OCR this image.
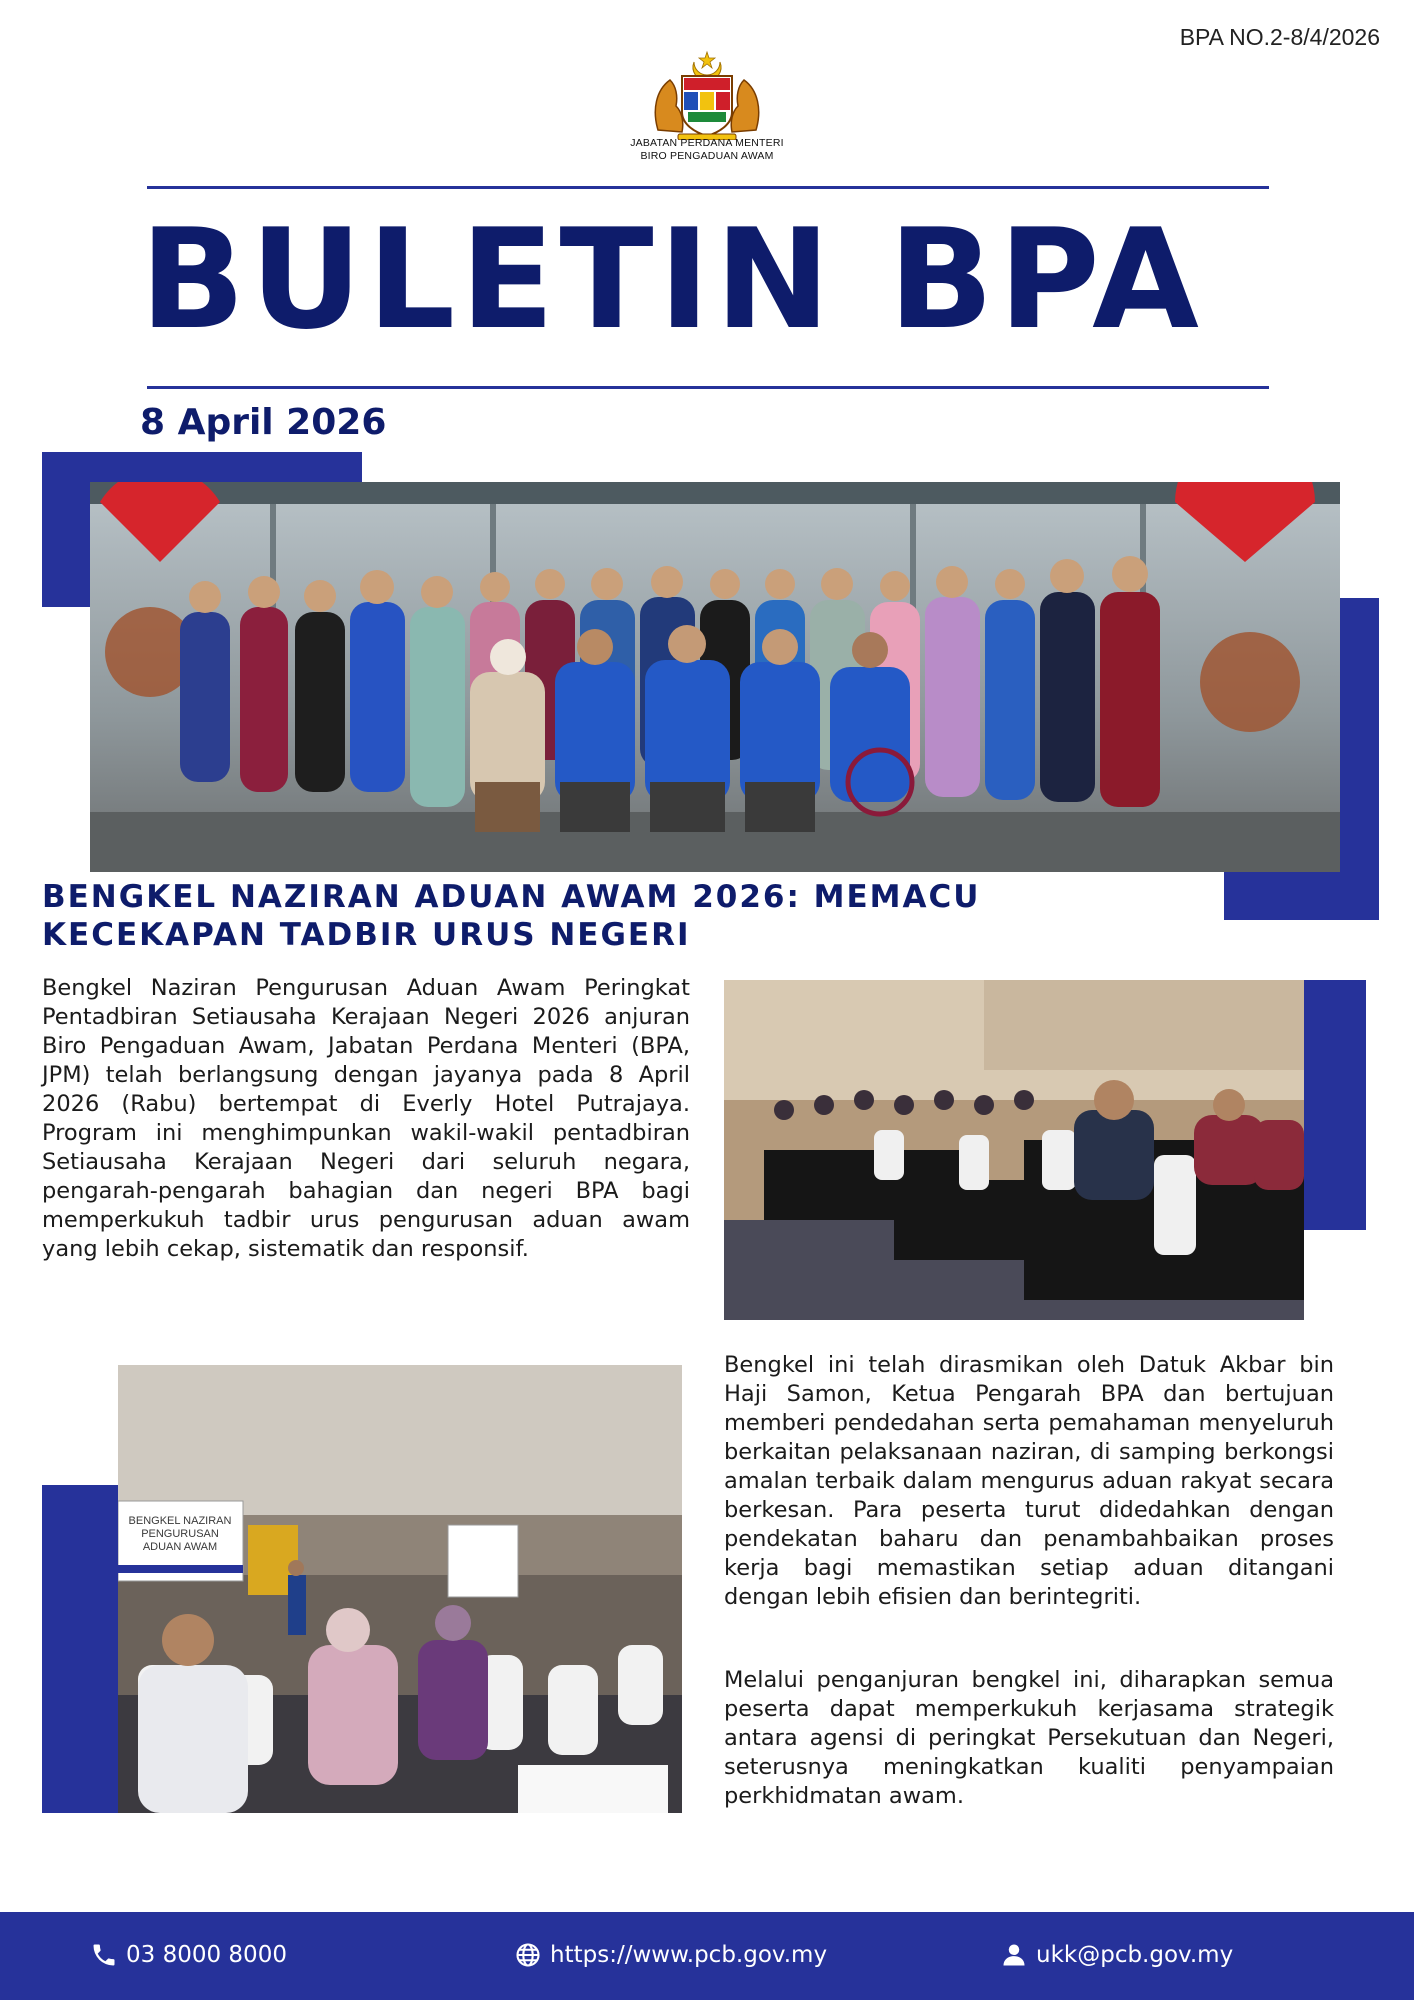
BPA NO.2-8/4/2026
JABATAN PERDANA MENTERI
BIRO PENGADUAN AWAM
BULETIN BPA
8 April 2026
BENGKEL NAZIRAN ADUAN AWAM 2026: MEMACU
KECEKAPAN TADBIR URUS NEGERI
Bengkel Naziran Pengurusan Aduan Awam Peringkat Pentadbiran Setiausaha Kerajaan Negeri 2026 anjuran Biro Pengaduan Awam, Jabatan Perdana Menteri (BPA, JPM) telah berlangsung dengan jayanya pada 8 April 2026 (Rabu) bertempat di Everly Hotel Putrajaya. Program ini menghimpunkan wakil-wakil pentadbiran Setiausaha Kerajaan Negeri dari seluruh negara, pengarah-pengarah bahagian dan negeri BPA bagi memperkukuh tadbir urus pengurusan aduan awam yang lebih cekap, sistematik dan responsif.
BENGKEL NAZIRAN
PENGURUSAN ADUAN AWAM
Bengkel ini telah dirasmikan oleh Datuk Akbar bin Haji Samon, Ketua Pengarah BPA dan bertujuan memberi pendedahan serta pemahaman menyeluruh berkaitan pelaksanaan naziran, di samping berkongsi amalan terbaik dalam mengurus aduan rakyat secara berkesan. Para peserta turut didedahkan dengan pendekatan baharu dan penambahbaikan proses kerja bagi memastikan setiap aduan ditangani dengan lebih efisien dan berintegriti.
Melalui penganjuran bengkel ini, diharapkan semua peserta dapat memperkukuh kerjasama strategik antara agensi di peringkat Persekutuan dan Negeri, seterusnya meningkatkan kualiti penyampaian perkhidmatan awam.
03 8000 8000	https://www.pcb.gov.my	ukk@pcb.gov.my
